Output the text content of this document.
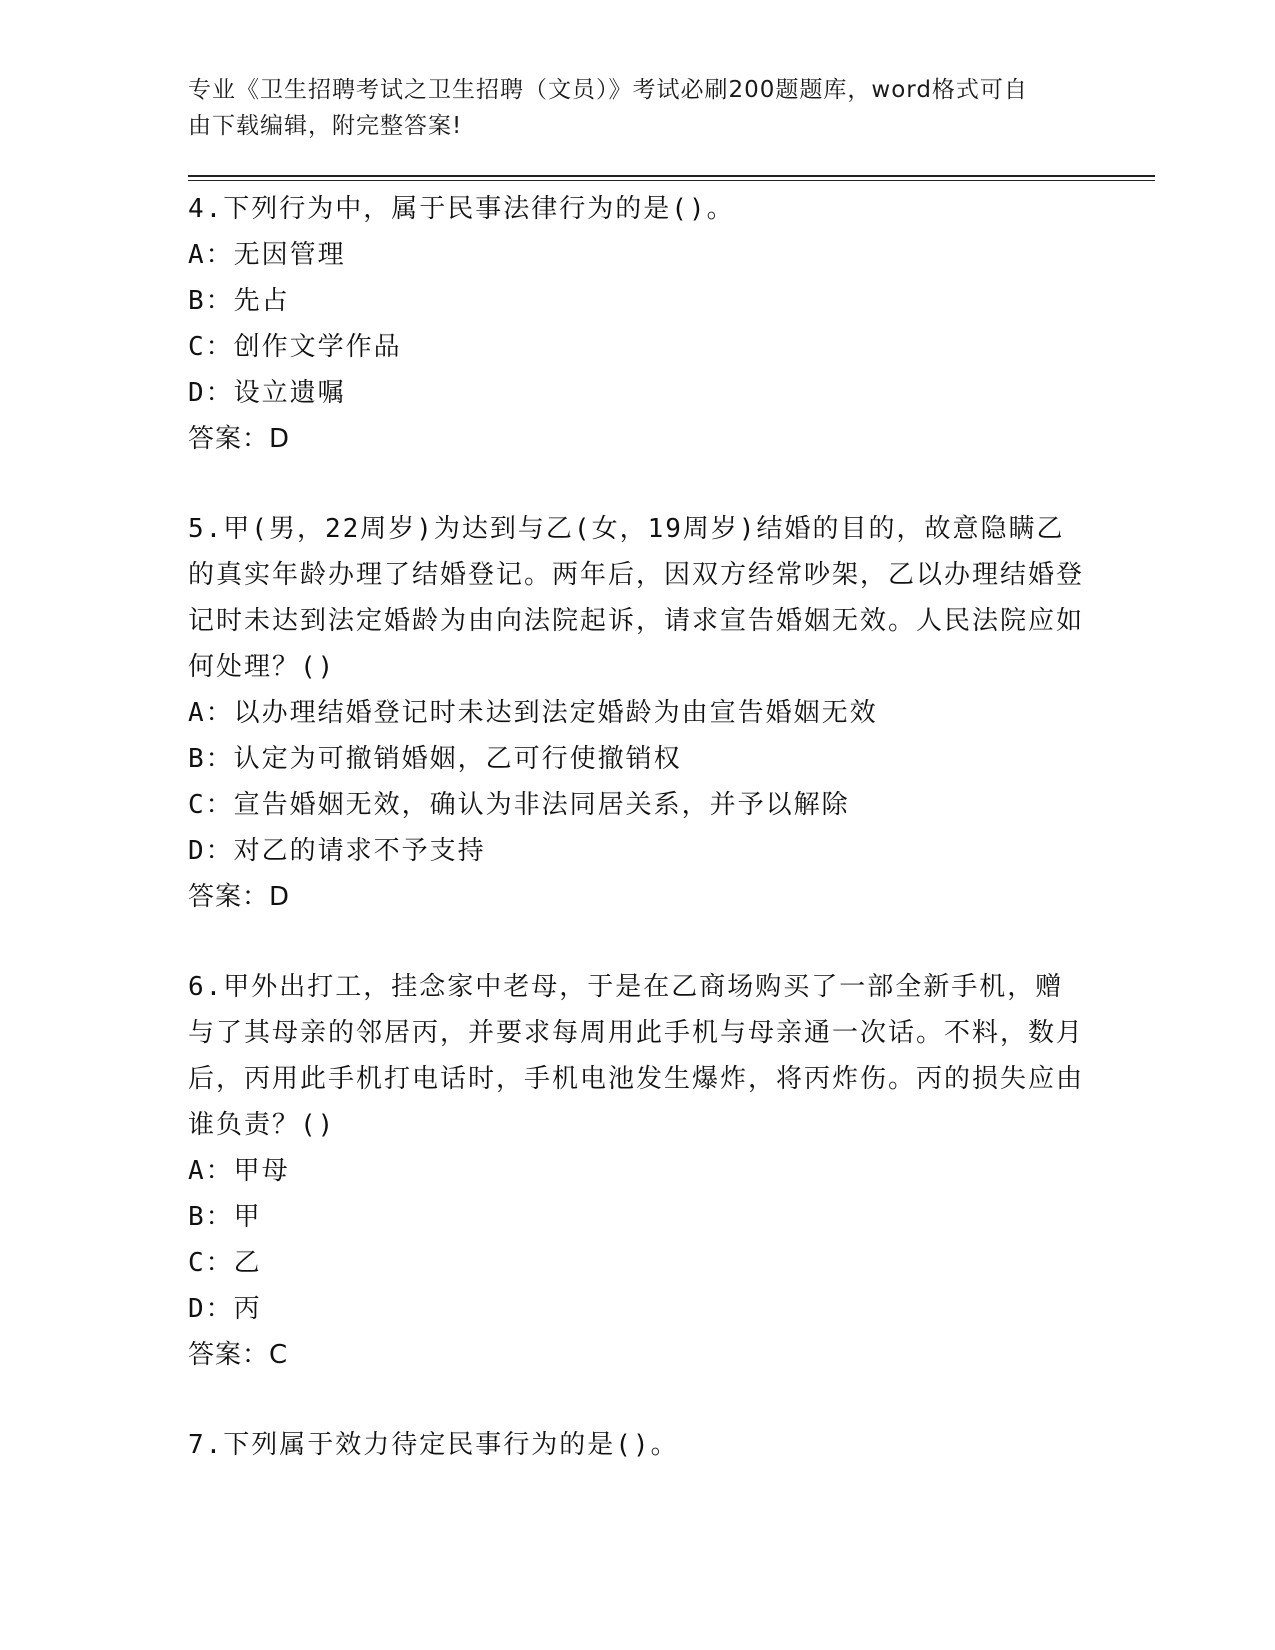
专业《卫生招聘考试之卫生招聘（文员）》考试必刷200题题库，word格式可自
由下载编辑，附完整答案!

4.下列行为中，属于民事法律行为的是()。

A：无因管理

B：先占

C：创作文学作品

D：设立遗嘱

答案：D

5.甲(男，22周岁)为达到与乙(女，19周岁)结婚的目的，故意隐瞒乙的真实年龄办理了结婚登记。两年后，因双方经常吵架，乙以办理结婚登记时未达到法定婚龄为由向法院起诉，请求宣告婚姻无效。人民法院应如何处理？()

A：以办理结婚登记时未达到法定婚龄为由宣告婚姻无效

B：认定为可撤销婚姻，乙可行使撤销权

C：宣告婚姻无效，确认为非法同居关系，并予以解除

D：对乙的请求不予支持

答案：D

6.甲外出打工，挂念家中老母，于是在乙商场购买了一部全新手机，赠与了其母亲的邻居丙，并要求每周用此手机与母亲通一次话。不料，数月后，丙用此手机打电话时，手机电池发生爆炸，将丙炸伤。丙的损失应由谁负责？()

A：甲母

B：甲

C：乙

D：丙

答案：C

7.下列属于效力待定民事行为的是()。
